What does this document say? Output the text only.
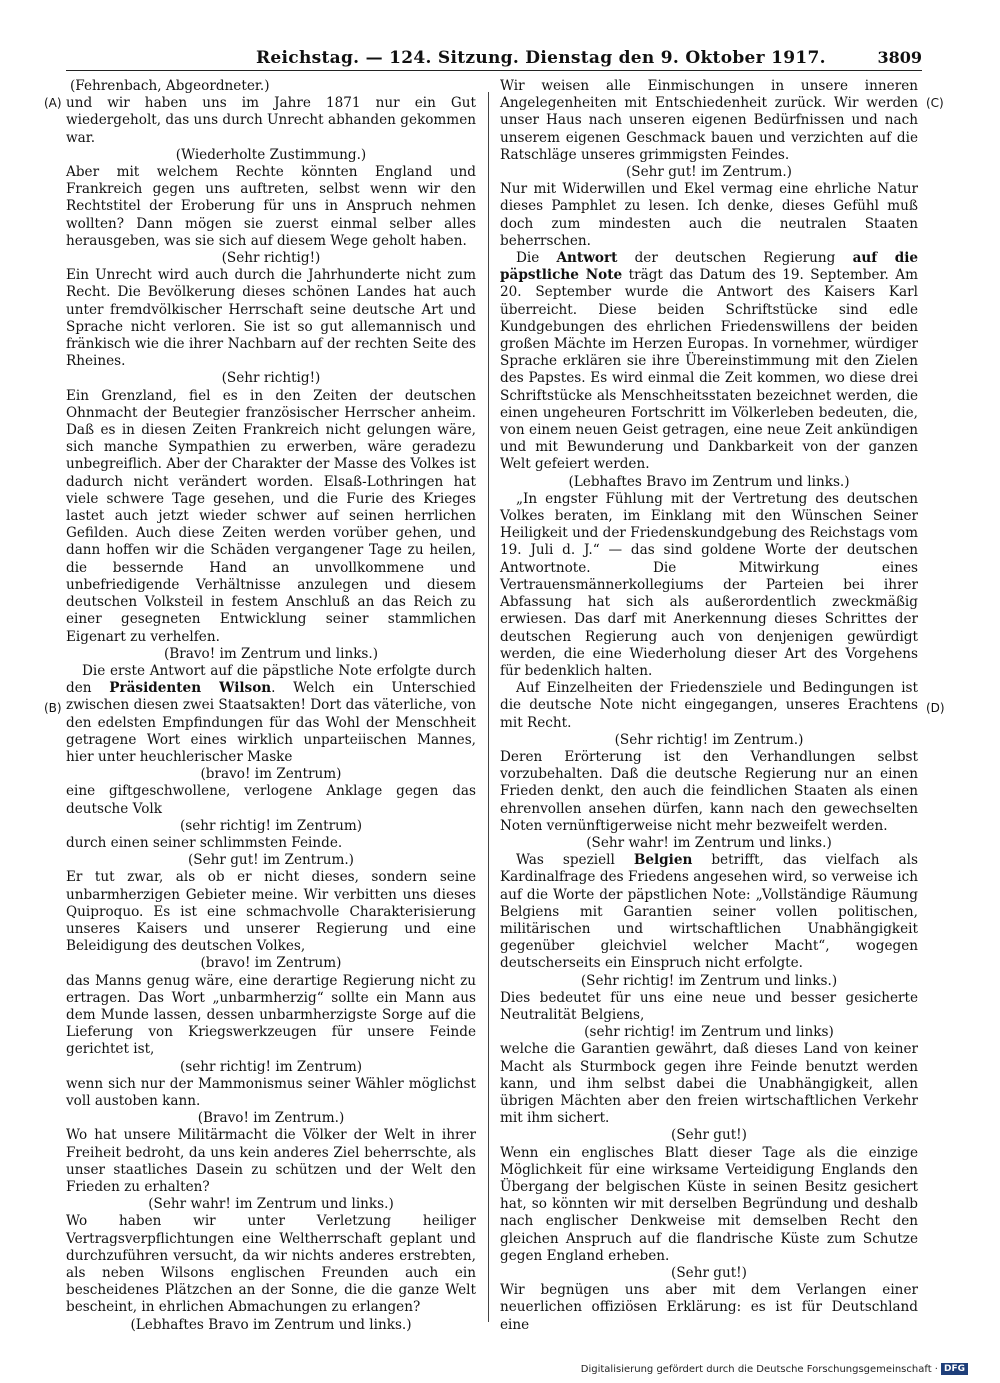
Reichstag. — 124. Sitzung. Dienstag den 9. Oktober 1917.	3809
(A)
(B)
(C)
(D)

(Fehrenbach, Abgeordneter.)

und wir haben uns im Jahre 1871 nur ein Gut wiedergeholt, das uns durch Unrecht abhanden gekommen war.

(Wiederholte Zustimmung.)

Aber mit welchem Rechte könnten England und Frankreich gegen uns auftreten, selbst wenn wir den Rechtstitel der Eroberung für uns in Anspruch nehmen wollten? Dann mögen sie zuerst einmal selber alles herausgeben, was sie sich auf diesem Wege geholt haben.

(Sehr richtig!)

Ein Unrecht wird auch durch die Jahrhunderte nicht zum Recht. Die Bevölkerung dieses schönen Landes hat auch unter fremdvölkischer Herrschaft seine deutsche Art und Sprache nicht verloren. Sie ist so gut allemannisch und fränkisch wie die ihrer Nachbarn auf der rechten Seite des Rheines.

(Sehr richtig!)

Ein Grenzland, fiel es in den Zeiten der deutschen Ohnmacht der Beutegier französischer Herrscher anheim. Daß es in diesen Zeiten Frankreich nicht gelungen wäre, sich manche Sympathien zu erwerben, wäre geradezu unbegreiflich. Aber der Charakter der Masse des Volkes ist dadurch nicht verändert worden. Elsaß-Lothringen hat viele schwere Tage gesehen, und die Furie des Krieges lastet auch jetzt wieder schwer auf seinen herrlichen Gefilden. Auch diese Zeiten werden vorüber gehen, und dann hoffen wir die Schäden vergangener Tage zu heilen, die bessernde Hand an unvollkommene und unbefriedigende Verhältnisse anzulegen und diesem deutschen Volksteil in festem Anschluß an das Reich zu einer gesegneten Entwicklung seiner stammlichen Eigenart zu verhelfen.

(Bravo! im Zentrum und links.)

Die erste Antwort auf die päpstliche Note erfolgte durch den Präsidenten Wilson. Welch ein Unterschied zwischen diesen zwei Staatsakten! Dort das väterliche, von den edelsten Empfindungen für das Wohl der Menschheit getragene Wort eines wirklich unparteiischen Mannes, hier unter heuchlerischer Maske

(bravo! im Zentrum)

eine giftgeschwollene, verlogene Anklage gegen das deutsche Volk

(sehr richtig! im Zentrum)

durch einen seiner schlimmsten Feinde.

(Sehr gut! im Zentrum.)

Er tut zwar, als ob er nicht dieses, sondern seine unbarmherzigen Gebieter meine. Wir verbitten uns dieses Quiproquo. Es ist eine schmachvolle Charakterisierung unseres Kaisers und unserer Regierung und eine Beleidigung des deutschen Volkes,

(bravo! im Zentrum)

das Manns genug wäre, eine derartige Regierung nicht zu ertragen. Das Wort „unbarmherzig“ sollte ein Mann aus dem Munde lassen, dessen unbarmherzigste Sorge auf die Lieferung von Kriegswerkzeugen für unsere Feinde gerichtet ist,

(sehr richtig! im Zentrum)

wenn sich nur der Mammonismus seiner Wähler möglichst voll austoben kann.

(Bravo! im Zentrum.)

Wo hat unsere Militärmacht die Völker der Welt in ihrer Freiheit bedroht, da uns kein anderes Ziel beherrschte, als unser staatliches Dasein zu schützen und der Welt den Frieden zu erhalten?

(Sehr wahr! im Zentrum und links.)

Wo haben wir unter Verletzung heiliger Vertragsverpflichtungen eine Weltherrschaft geplant und durchzuführen versucht, da wir nichts anderes erstrebten, als neben Wilsons englischen Freunden auch ein bescheidenes Plätzchen an der Sonne, die die ganze Welt bescheint, in ehrlichen Abmachungen zu erlangen?

(Lebhaftes Bravo im Zentrum und links.)

Wir weisen alle Einmischungen in unsere inneren Angelegenheiten mit Entschiedenheit zurück. Wir werden unser Haus nach unseren eigenen Bedürfnissen und nach unserem eigenen Geschmack bauen und verzichten auf die Ratschläge unseres grimmigsten Feindes.

(Sehr gut! im Zentrum.)

Nur mit Widerwillen und Ekel vermag eine ehrliche Natur dieses Pamphlet zu lesen. Ich denke, dieses Gefühl muß doch zum mindesten auch die neutralen Staaten beherrschen.

Die Antwort der deutschen Regierung auf die päpstliche Note trägt das Datum des 19. September. Am 20. September wurde die Antwort des Kaisers Karl überreicht. Diese beiden Schriftstücke sind edle Kundgebungen des ehrlichen Friedenswillens der beiden großen Mächte im Herzen Europas. In vornehmer, würdiger Sprache erklären sie ihre Übereinstimmung mit den Zielen des Papstes. Es wird einmal die Zeit kommen, wo diese drei Schriftstücke als Menschheitsstaten bezeichnet werden, die einen ungeheuren Fortschritt im Völkerleben bedeuten, die, von einem neuen Geist getragen, eine neue Zeit ankündigen und mit Bewunderung und Dankbarkeit von der ganzen Welt gefeiert werden.

(Lebhaftes Bravo im Zentrum und links.)

„In engster Fühlung mit der Vertretung des deutschen Volkes beraten, im Einklang mit den Wünschen Seiner Heiligkeit und der Friedenskundgebung des Reichstags vom 19. Juli d. J.“ — das sind goldene Worte der deutschen Antwortnote. Die Mitwirkung eines Vertrauensmännerkollegiums der Parteien bei ihrer Abfassung hat sich als außerordentlich zweckmäßig erwiesen. Das darf mit Anerkennung dieses Schrittes der deutschen Regierung auch von denjenigen gewürdigt werden, die eine Wiederholung dieser Art des Vorgehens für bedenklich halten.

Auf Einzelheiten der Friedensziele und Bedingungen ist die deutsche Note nicht eingegangen, unseres Erachtens mit Recht.

(Sehr richtig! im Zentrum.)

Deren Erörterung ist den Verhandlungen selbst vorzubehalten. Daß die deutsche Regierung nur an einen Frieden denkt, den auch die feindlichen Staaten als einen ehrenvollen ansehen dürfen, kann nach den gewechselten Noten vernünftigerweise nicht mehr bezweifelt werden.

(Sehr wahr! im Zentrum und links.)

Was speziell Belgien betrifft, das vielfach als Kardinalfrage des Friedens angesehen wird, so verweise ich auf die Worte der päpstlichen Note: „Vollständige Räumung Belgiens mit Garantien seiner vollen politischen, militärischen und wirtschaftlichen Unabhängigkeit gegenüber gleichviel welcher Macht“, wogegen deutscherseits ein Einspruch nicht erfolgte.

(Sehr richtig! im Zentrum und links.)

Dies bedeutet für uns eine neue und besser gesicherte Neutralität Belgiens,

(sehr richtig! im Zentrum und links)

welche die Garantien gewährt, daß dieses Land von keiner Macht als Sturmbock gegen ihre Feinde benutzt werden kann, und ihm selbst dabei die Unabhängigkeit, allen übrigen Mächten aber den freien wirtschaftlichen Verkehr mit ihm sichert.

(Sehr gut!)

Wenn ein englisches Blatt dieser Tage als die einzige Möglichkeit für eine wirksame Verteidigung Englands den Übergang der belgischen Küste in seinen Besitz gesichert hat, so könnten wir mit derselben Begründung und deshalb nach englischer Denkweise mit demselben Recht den gleichen Anspruch auf die flandrische Küste zum Schutze gegen England erheben.

(Sehr gut!)

Wir begnügen uns aber mit dem Verlangen einer neuerlichen offiziösen Erklärung: es ist für Deutschland eine

Digitalisierung gefördert durch die Deutsche Forschungsgemeinschaft · DFG
